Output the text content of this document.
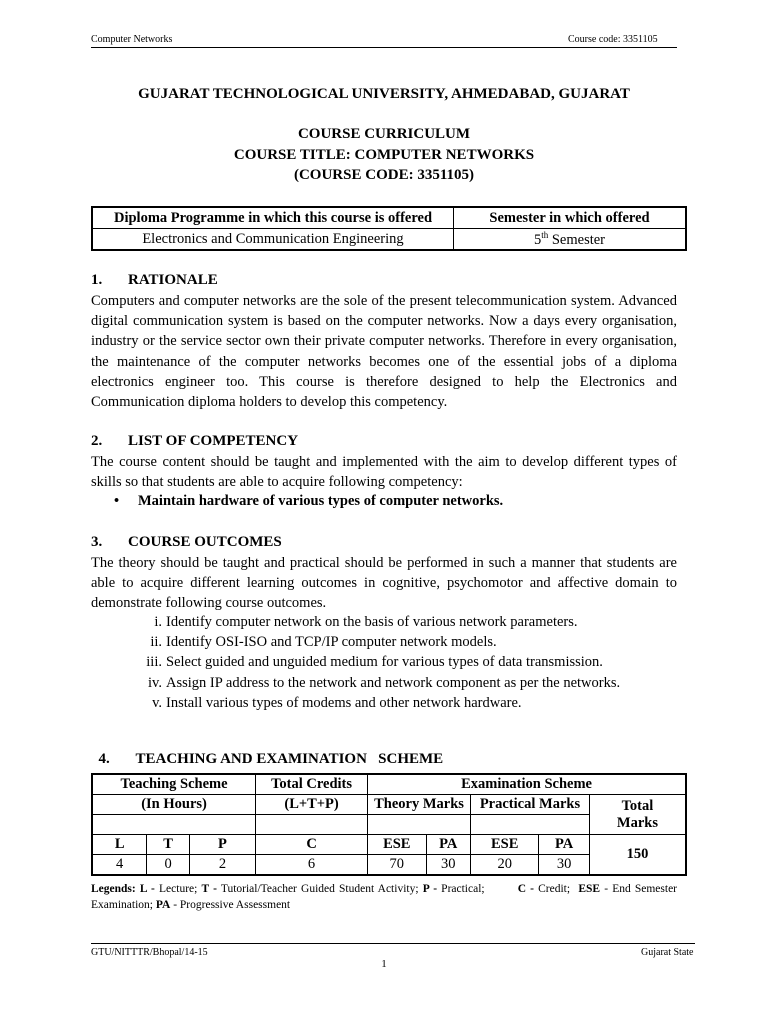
Computer Networks	Course code: 3351105
GUJARAT TECHNOLOGICAL UNIVERSITY, AHMEDABAD, GUJARAT
COURSE CURRICULUM
COURSE TITLE: COMPUTER NETWORKS
(COURSE CODE: 3351105)
Diploma Programme in which this course is offered	Semester in which offered
Electronics and Communication Engineering	5th Semester
1. RATIONALE
Computers and computer networks are the sole of the present telecommunication system. Advanced digital communication system is based on the computer networks. Now a days every organisation, industry or the service sector own their private computer networks. Therefore in every organisation, the maintenance of the computer networks becomes one of the essential jobs of a diploma electronics engineer too. This course is therefore designed to help the Electronics and Communication diploma holders to develop this competency.
2. LIST OF COMPETENCY
The course content should be taught and implemented with the aim to develop different types of skills so that students are able to acquire following competency:
• Maintain hardware of various types of computer networks.
3. COURSE OUTCOMES
The theory should be taught and practical should be performed in such a manner that students are able to acquire different learning outcomes in cognitive, psychomotor and affective domain to demonstrate following course outcomes.
i. Identify computer network on the basis of various network parameters.
ii. Identify OSI-ISO and TCP/IP computer network models.
iii. Select guided and unguided medium for various types of data transmission.
iv. Assign IP address to the network and network component as per the networks.
v. Install various types of modems and other network hardware.

4. TEACHING AND EXAMINATION   SCHEME

Teaching Scheme			Total Credits	Examination Scheme				
(In Hours)			(L+T+P)	Theory Marks		Practical Marks		Total
Marks

L	T	P	C	ESE	PA	ESE	PA	150
4	0	2	6	70	30	20	30	
Legends: L - Lecture; T - Tutorial/Teacher Guided Student Activity; P - Practical;        C - Credit;  ESE - End Semester Examination; PA - Progressive Assessment
GTU/NITTTR/Bhopal/14-15	Gujarat State
1
